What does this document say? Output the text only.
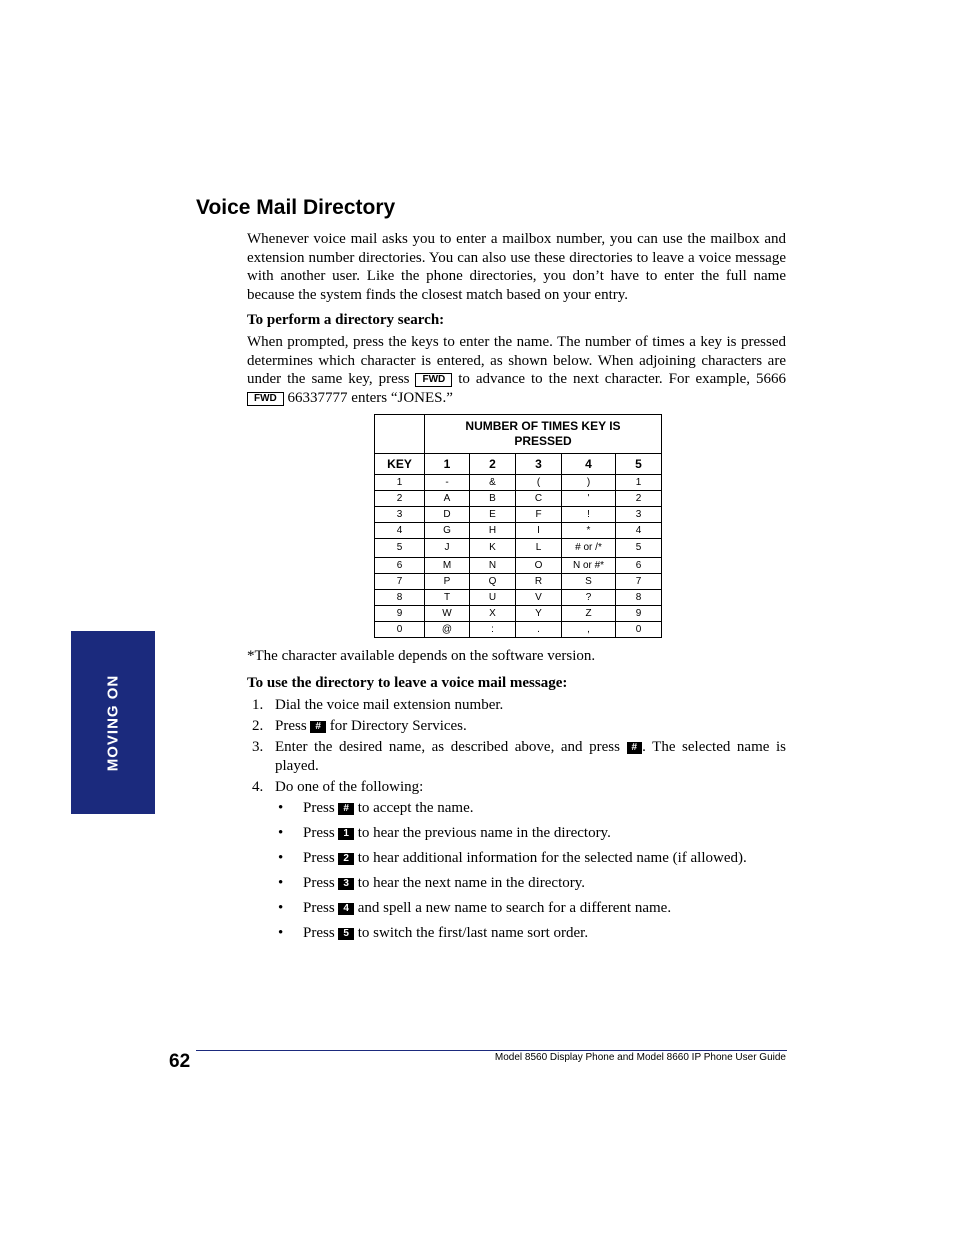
Voice Mail Directory

Whenever voice mail asks you to enter a mailbox number, you can use the mailbox and extension number directories. You can also use these directories to leave a voice message with another user. Like the phone directories, you don’t have to enter the full name because the system finds the closest match based on your entry.

To perform a directory search:

When prompted, press the keys to enter the name. The number of times a key is pressed determines which character is entered, as shown below. When adjoining characters are under the same key, press FWD to advance to the next character. For example, 5666 FWD 66337777 enters “JONES.”

	NUMBER OF TIMES KEY IS PRESSED				

KEY	1	2	3	4	5
1	-	&	(	)	1
2	A	B	C	'	2
3	D	E	F	!	3
4	G	H	I	*	4
5	J	K	L	# or /*	5
6	M	N	O	N or #*	6
7	P	Q	R	S	7
8	T	U	V	?	8
9	W	X	Y	Z	9
0	@	:	.	,	0

*The character available depends on the software version.

To use the directory to leave a voice mail message:

1. Dial the voice mail extension number.
2. Press # for Directory Services.
3. Enter the desired name, as described above, and press # . The selected name is played.
4. Do one of the following:
• Press # to accept the name.
• Press 1 to hear the previous name in the directory.
• Press 2 to hear additional information for the selected name (if allowed).
• Press 3 to hear the next name in the directory.
• Press 4 and spell a new name to search for a different name.
• Press 5 to switch the first/last name sort order.
MOVING ON
62	Model 8560 Display Phone and Model 8660 IP Phone User Guide
